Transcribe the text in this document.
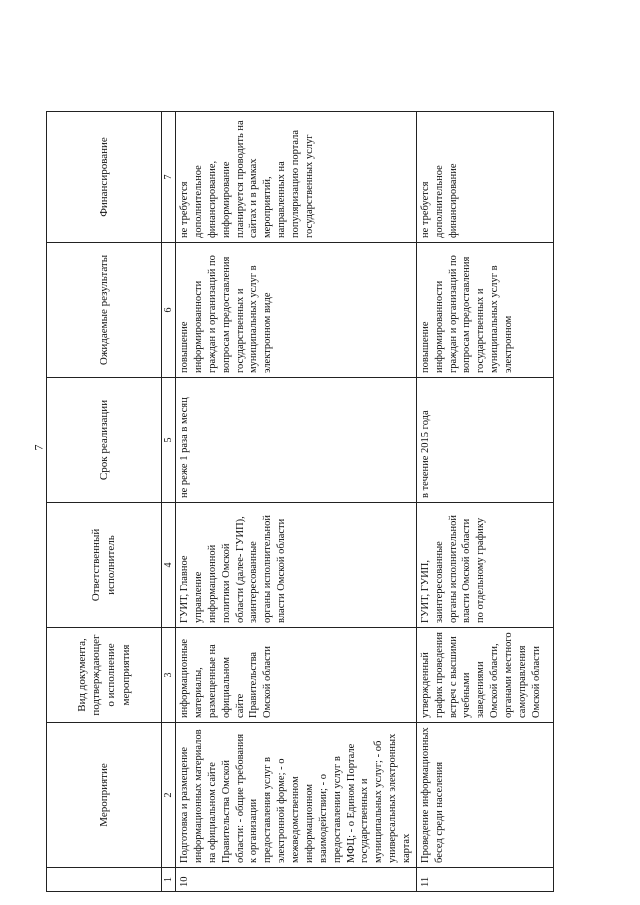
7
	Мероприятие	Вид документа, подтверждающего исполнение мероприятия	Ответственный исполнитель	Срок реализации	Ожидаемые результаты	Финансирование
1	2	3	4	5	6	7
10	Подготовка и размещение информационных материалов на официальном сайте Правительства Омской области: - общие требования к организации предоставления услуг в электронной форме; - о межведомственном информационном взаимодействии; - о предоставлении услуг в МФЦ; - о Едином Портале государственных и муниципальных услуг; - об универсальных электронных картах	информационные материалы, размещенные на официальном сайте Правительства Омской области	ГУИТ, Главное управление информационной политики Омской области (далее- ГУИП), заинтересованные органы исполнительной власти Омской области	не реже 1 раза в месяц	повышение информированности граждан и организаций по вопросам предоставления государственных и муниципальных услуг в электронном виде	не требуется дополнительное финансирование, информирование планируется проводить на сайтах и в рамках мероприятий, направленных на популяризацию портала государственных услуг
11	Проведение информационных бесед среди населения	утвержденный график проведения встреч с высшими учебными заведениями Омской области, органами местного самоуправления Омской области	ГУИТ, ГУИП, заинтересованные органы исполнительной власти Омской области по отдельному графику	в течение 2015 года	повышение информированности граждан и организаций по вопросам предоставления государственных и муниципальных услуг в электронном	не требуется дополнительное финансирование
